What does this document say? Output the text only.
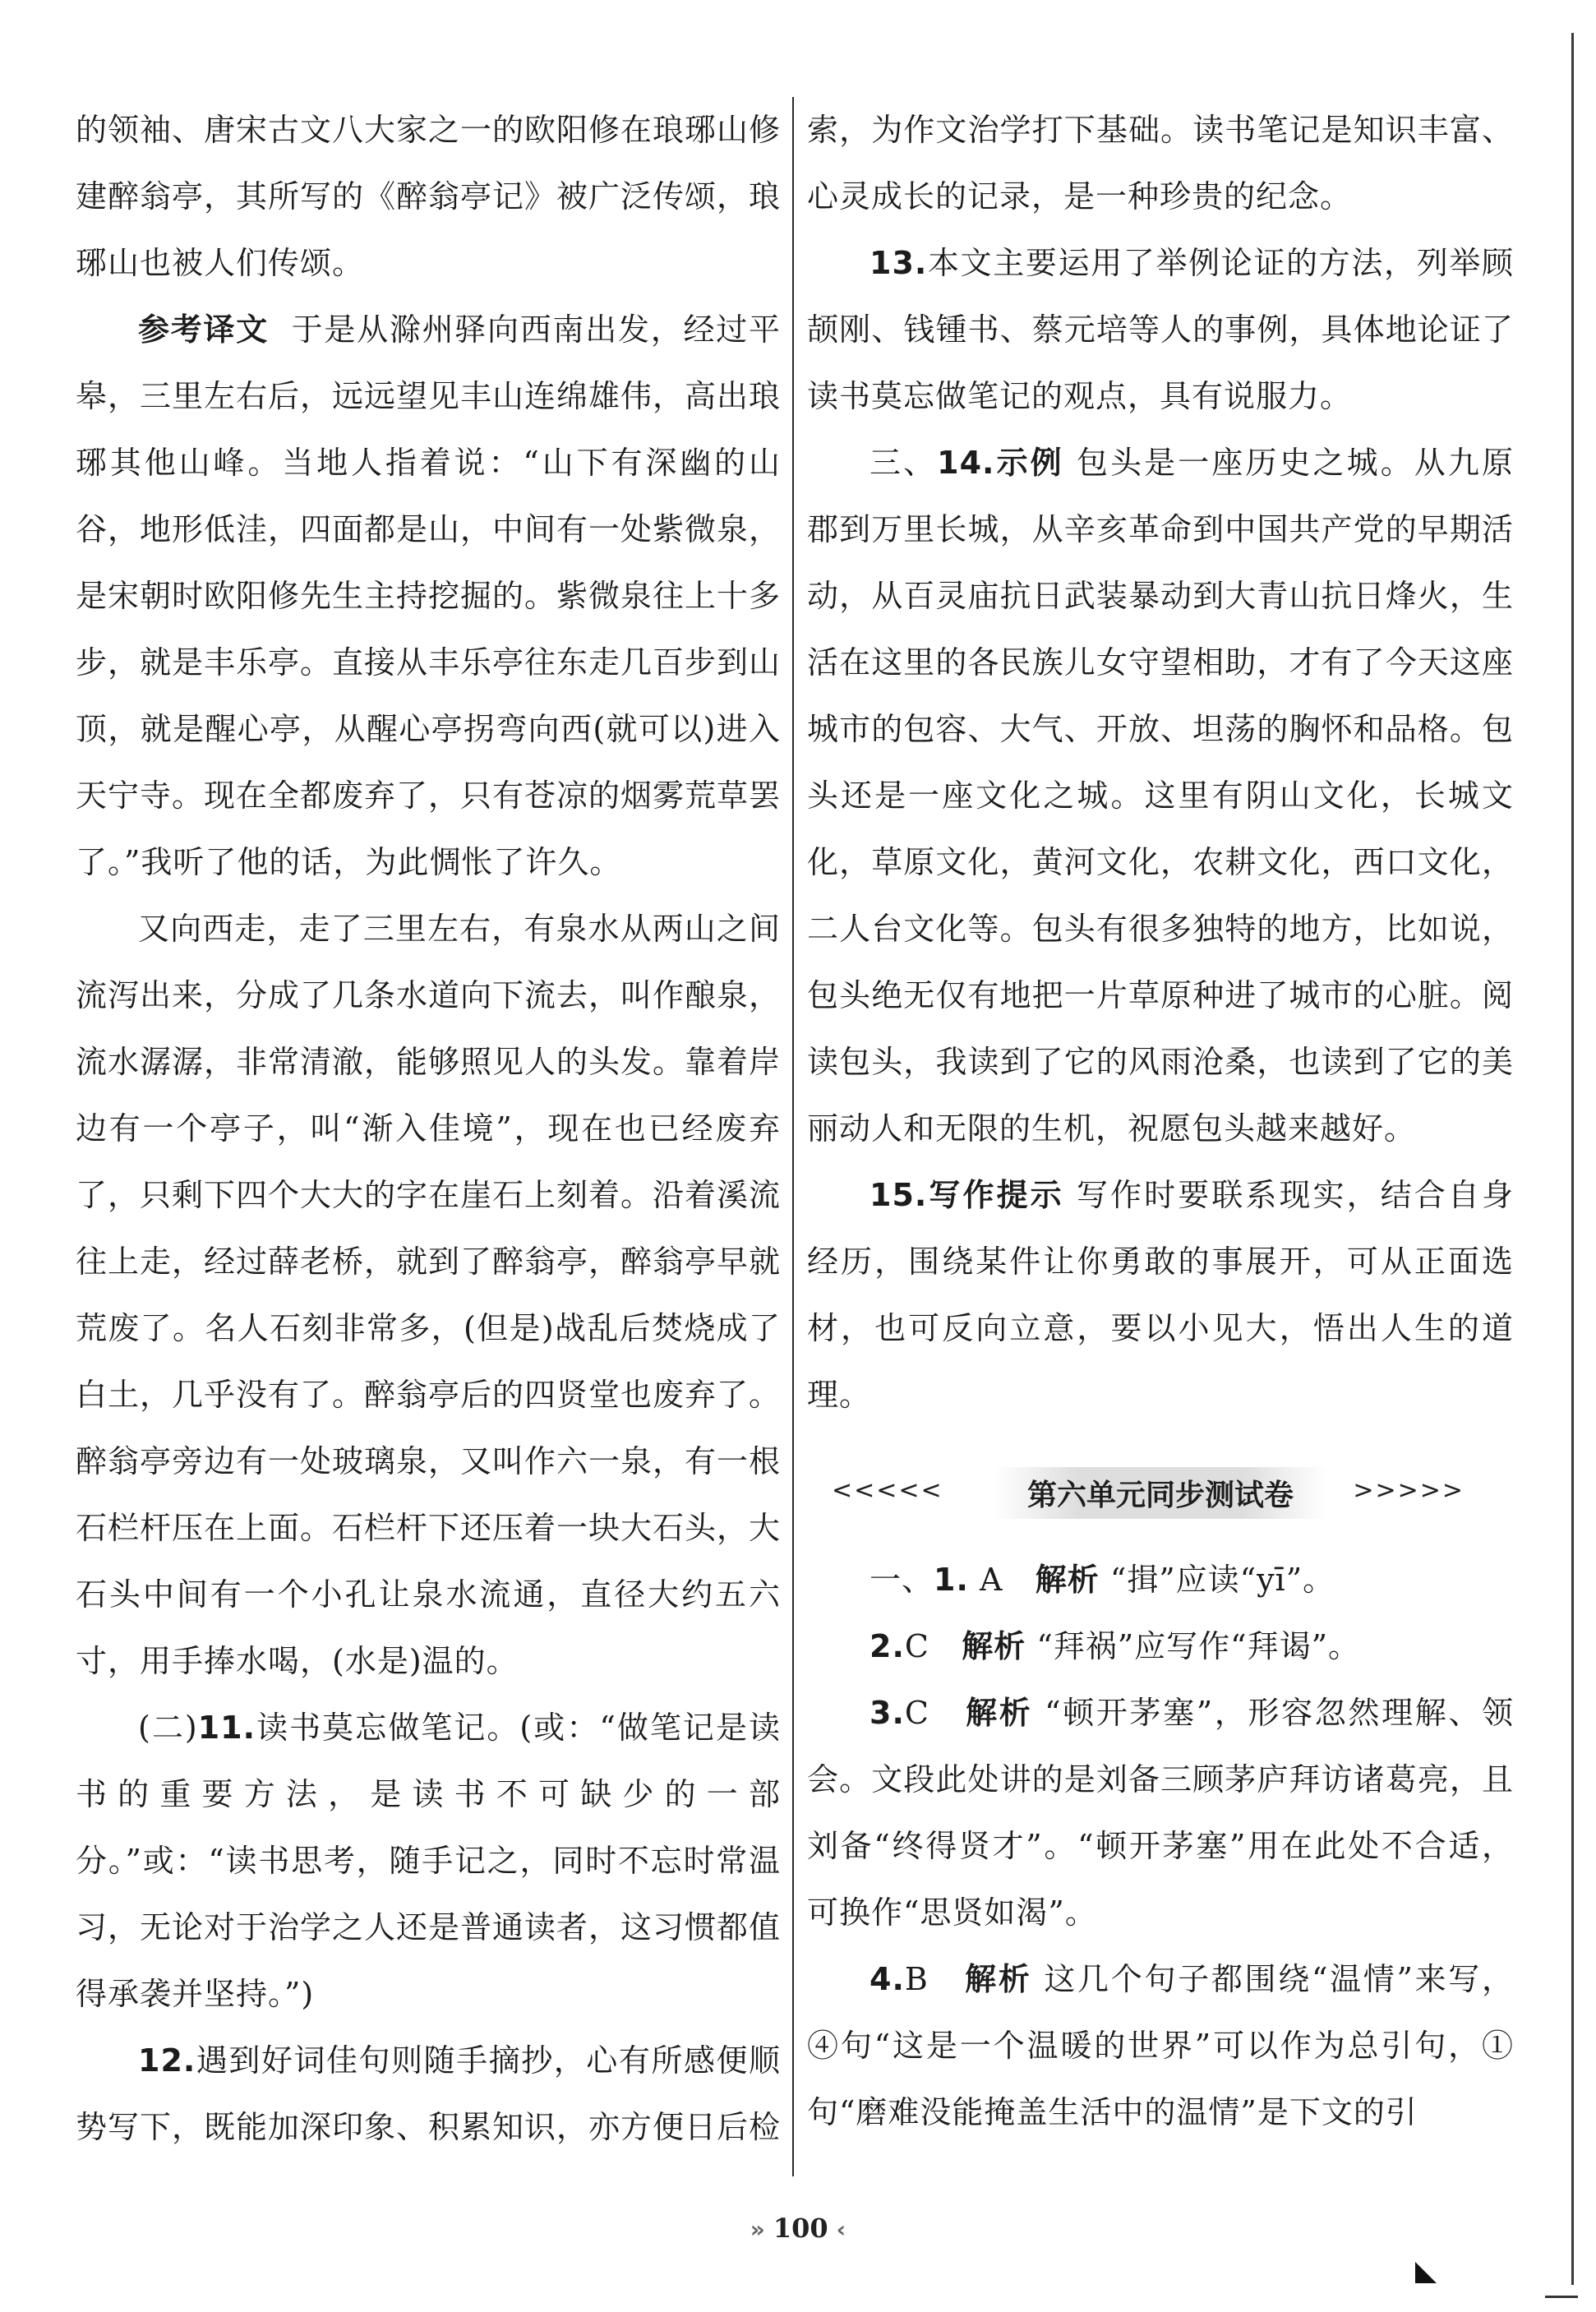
的领袖、唐宋古文八大家之一的欧阳修在琅琊山修建醉翁亭，其所写的《醉翁亭记》被广泛传颂，琅琊山也被人们传颂。

参考译文 于是从滁州驿向西南出发，经过平皋，三里左右后，远远望见丰山连绵雄伟，高出琅琊其他山峰。当地人指着说：“山下有深幽的山谷，地形低洼，四面都是山，中间有一处紫微泉，是宋朝时欧阳修先生主持挖掘的。紫微泉往上十多步，就是丰乐亭。直接从丰乐亭往东走几百步到山顶，就是醒心亭，从醒心亭拐弯向西(就可以)进入天宁寺。现在全都废弃了，只有苍凉的烟雾荒草罢了。”我听了他的话，为此惆怅了许久。

又向西走，走了三里左右，有泉水从两山之间流泻出来，分成了几条水道向下流去，叫作酿泉，流水潺潺，非常清澈，能够照见人的头发。靠着岸边有一个亭子，叫“渐入佳境”，现在也已经废弃了，只剩下四个大大的字在崖石上刻着。沿着溪流往上走，经过薛老桥，就到了醉翁亭，醉翁亭早就荒废了。名人石刻非常多，(但是)战乱后焚烧成了白土，几乎没有了。醉翁亭后的四贤堂也废弃了。醉翁亭旁边有一处玻璃泉，又叫作六一泉，有一根石栏杆压在上面。石栏杆下还压着一块大石头，大石头中间有一个小孔让泉水流通，直径大约五六寸，用手捧水喝，(水是)温的。

(二)11.读书莫忘做笔记。(或：“做笔记是读书的重要方法，是读书不可缺少的一部分。”或：“读书思考，随手记之，同时不忘时常温习，无论对于治学之人还是普通读者，这习惯都值得承袭并坚持。”)

12.遇到好词佳句则随手摘抄，心有所感便顺势写下，既能加深印象、积累知识，亦方便日后检

索，为作文治学打下基础。读书笔记是知识丰富、心灵成长的记录，是一种珍贵的纪念。

13.本文主要运用了举例论证的方法，列举顾颉刚、钱锺书、蔡元培等人的事例，具体地论证了读书莫忘做笔记的观点，具有说服力。

三、14.示例 包头是一座历史之城。从九原郡到万里长城，从辛亥革命到中国共产党的早期活动，从百灵庙抗日武装暴动到大青山抗日烽火，生活在这里的各民族儿女守望相助，才有了今天这座城市的包容、大气、开放、坦荡的胸怀和品格。包头还是一座文化之城。这里有阴山文化，长城文化，草原文化，黄河文化，农耕文化，西口文化，二人台文化等。包头有很多独特的地方，比如说，包头绝无仅有地把一片草原种进了城市的心脏。阅读包头，我读到了它的风雨沧桑，也读到了它的美丽动人和无限的生机，祝愿包头越来越好。

15.写作提示 写作时要联系现实，结合自身经历，围绕某件让你勇敢的事展开，可从正面选材，也可反向立意，要以小见大，悟出人生的道理。

<<<<<	第六单元同步测试卷	>>>>>

一、1. A 解析 “揖”应读“yī”。

2.C 解析 “拜祸”应写作“拜谒”。

3.C 解析 “顿开茅塞”，形容忽然理解、领会。文段此处讲的是刘备三顾茅庐拜访诸葛亮，且刘备“终得贤才”。“顿开茅塞”用在此处不合适，可换作“思贤如渴”。

4.B 解析 这几个句子都围绕“温情”来写，④句“这是一个温暖的世界”可以作为总引句，①句“磨难没能掩盖生活中的温情”是下文的引

» 100 ‹
